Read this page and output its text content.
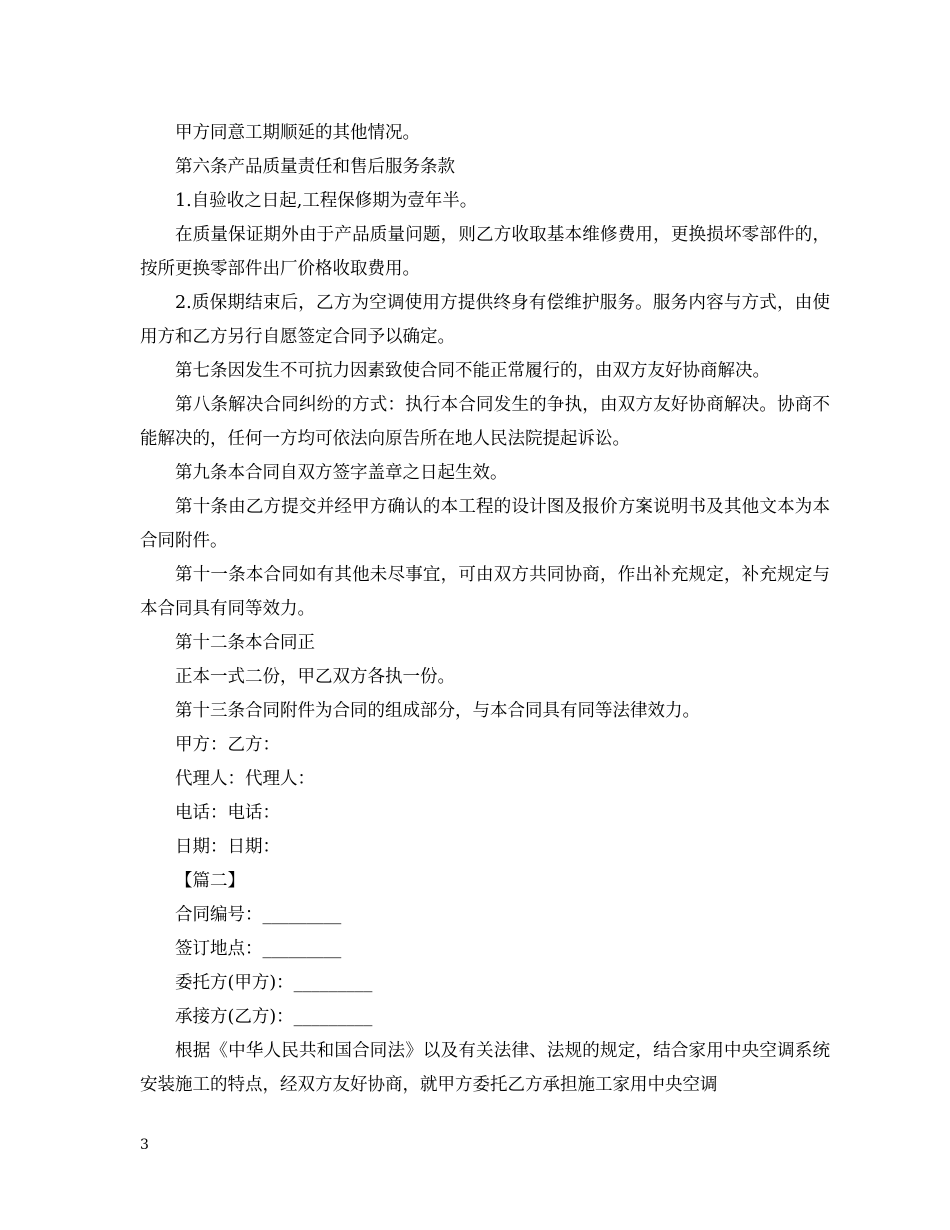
甲方同意工期顺延的其他情况。

第六条产品质量责任和售后服务条款

1.自验收之日起,工程保修期为壹年半。

在质量保证期外由于产品质量问题，则乙方收取基本维修费用，更换损坏零部件的，按所更换零部件出厂价格收取费用。

2.质保期结束后，乙方为空调使用方提供终身有偿维护服务。服务内容与方式，由使用方和乙方另行自愿签定合同予以确定。

第七条因发生不可抗力因素致使合同不能正常履行的，由双方友好协商解决。

第八条解决合同纠纷的方式：执行本合同发生的争执，由双方友好协商解决。协商不能解决的，任何一方均可依法向原告所在地人民法院提起诉讼。

第九条本合同自双方签字盖章之日起生效。

第十条由乙方提交并经甲方确认的本工程的设计图及报价方案说明书及其他文本为本合同附件。

第十一条本合同如有其他未尽事宜，可由双方共同协商，作出补充规定，补充规定与本合同具有同等效力。

第十二条本合同正

正本一式二份，甲乙双方各执一份。

第十三条合同附件为合同的组成部分，与本合同具有同等法律效力。

甲方：乙方：

代理人：代理人：

电话：电话：

日期：日期：

【篇二】

合同编号：_________

签订地点：_________

委托方(甲方)：_________

承接方(乙方)：_________

根据《中华人民共和国合同法》以及有关法律、法规的规定，结合家用中央空调系统安装施工的特点，经双方友好协商，就甲方委托乙方承担施工家用中央空调

3
